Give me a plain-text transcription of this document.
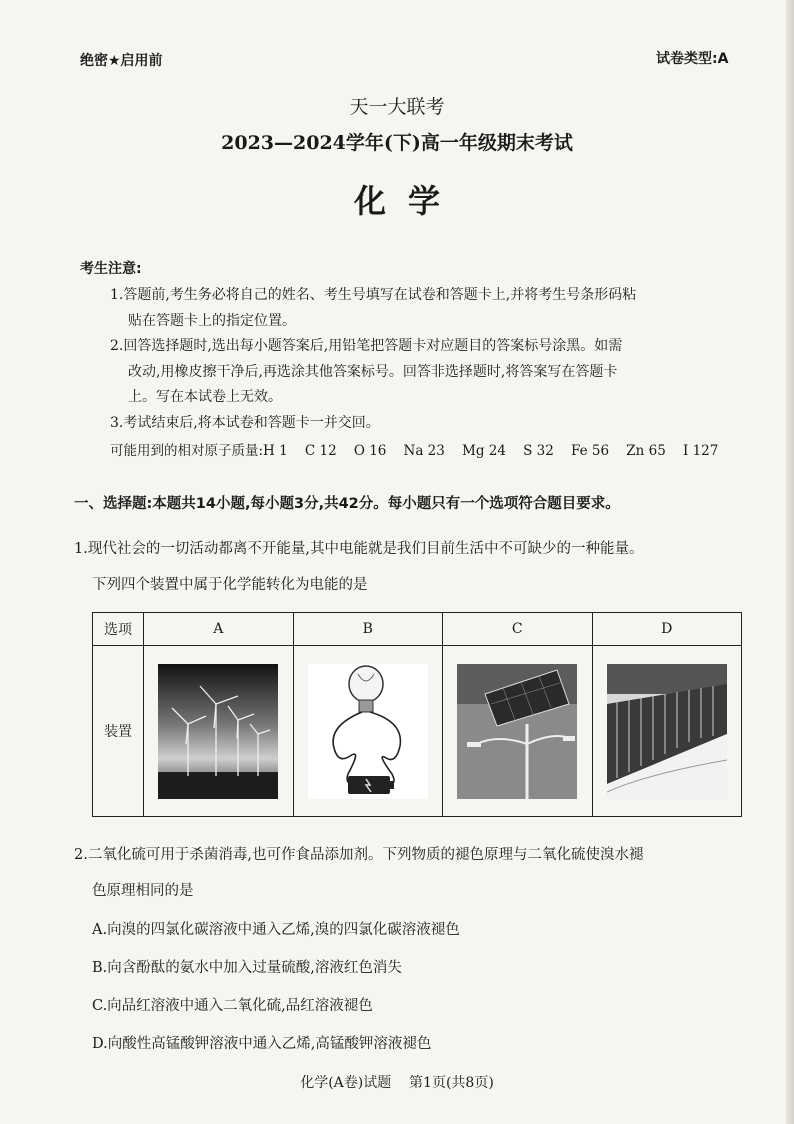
绝密★启用前	试卷类型:A
天一大联考
2023—2024学年(下)高一年级期末考试
化学
考生注意:
1.答题前,考生务必将自己的姓名、考生号填写在试卷和答题卡上,并将考生号条形码粘
贴在答题卡上的指定位置。
2.回答选择题时,选出每小题答案后,用铅笔把答题卡对应题目的答案标号涂黑。如需
改动,用橡皮擦干净后,再选涂其他答案标号。回答非选择题时,将答案写在答题卡
上。写在本试卷上无效。
3.考试结束后,将本试卷和答题卡一并交回。
可能用到的相对原子质量:H 1    C 12    O 16    Na 23    Mg 24    S 32    Fe 56    Zn 65    I 127
一、选择题:本题共14小题,每小题3分,共42分。每小题只有一个选项符合题目要求。
1.现代社会的一切活动都离不开能量,其中电能就是我们目前生活中不可缺少的一种能量。
下列四个装置中属于化学能转化为电能的是
选项	A	B	C	D
装置	

2.二氧化硫可用于杀菌消毒,也可作食品添加剂。下列物质的褪色原理与二氧化硫使溴水褪
色原理相同的是
A.向溴的四氯化碳溶液中通入乙烯,溴的四氯化碳溶液褪色
B.向含酚酞的氨水中加入过量硫酸,溶液红色消失
C.向品红溶液中通入二氧化硫,品红溶液褪色
D.向酸性高锰酸钾溶液中通入乙烯,高锰酸钾溶液褪色
化学(A卷)试题    第1页(共8页)
